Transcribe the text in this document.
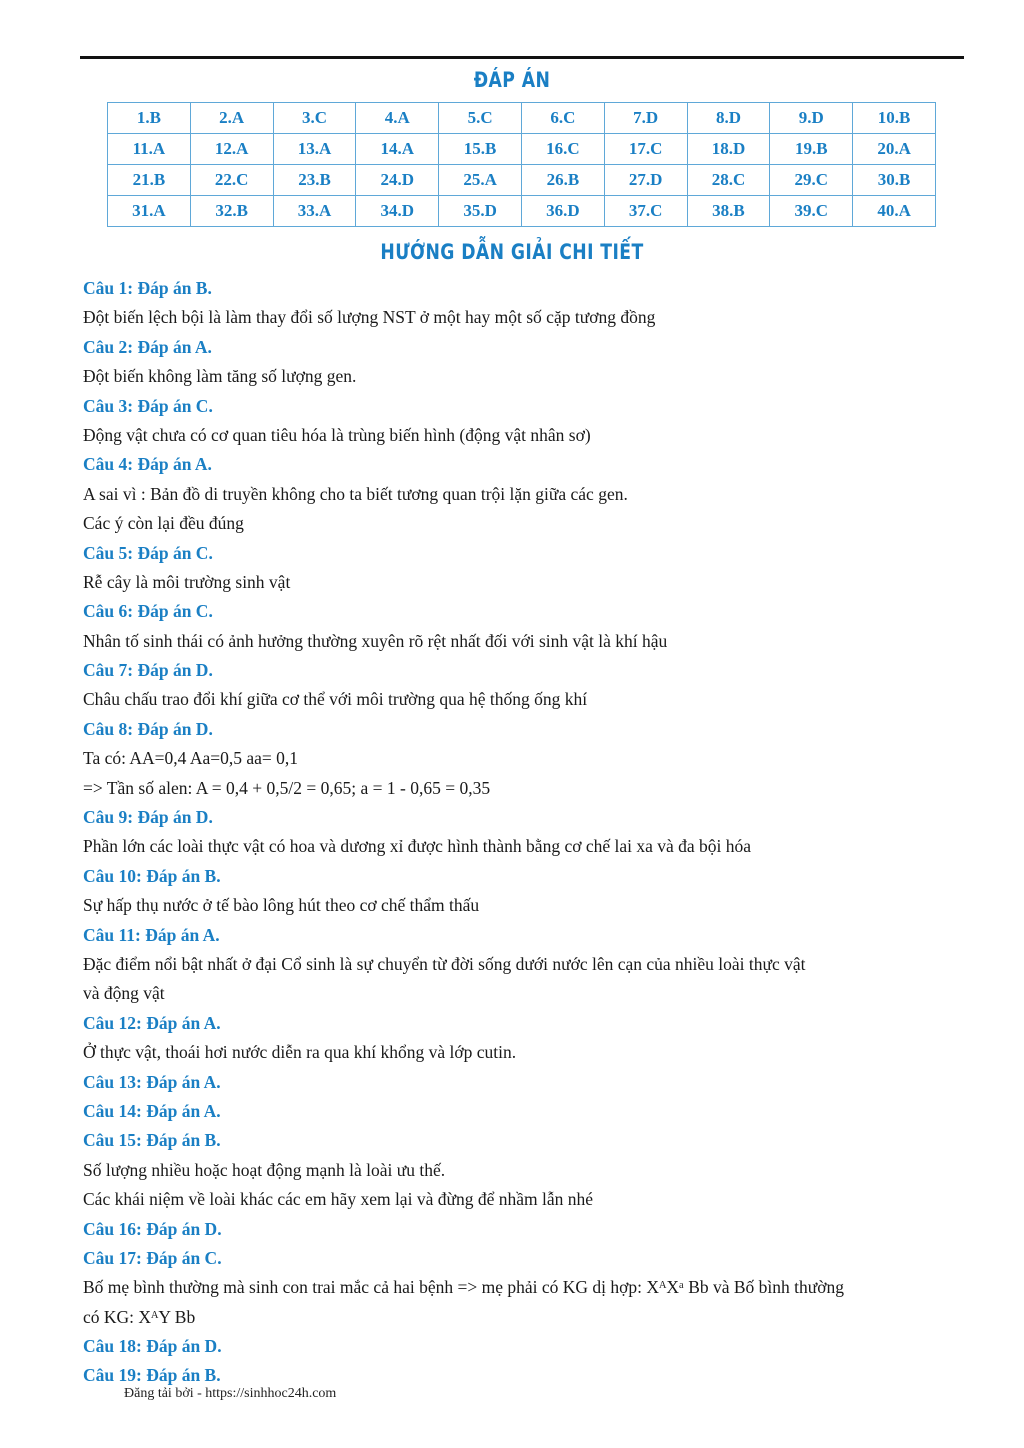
ĐÁP ÁN
1.B	2.A	3.C	4.A	5.C	6.C	7.D	8.D	9.D	10.B
11.A	12.A	13.A	14.A	15.B	16.C	17.C	18.D	19.B	20.A
21.B	22.C	23.B	24.D	25.A	26.B	27.D	28.C	29.C	30.B
31.A	32.B	33.A	34.D	35.D	36.D	37.C	38.B	39.C	40.A
HƯỚNG DẪN GIẢI CHI TIẾT
Câu 1: Đáp án B.
Đột biến lệch bội là làm thay đổi số lượng NST ở một hay một số cặp tương đồng
Câu 2: Đáp án A.
Đột biến không làm tăng số lượng gen.
Câu 3: Đáp án C.
Động vật chưa có cơ quan tiêu hóa là trùng biến hình (động vật nhân sơ)
Câu 4: Đáp án A.
A sai vì : Bản đồ di truyền không cho ta biết tương quan trội lặn giữa các gen.
Các ý còn lại đều đúng
Câu 5: Đáp án C.
Rễ cây là môi trường sinh vật
Câu 6: Đáp án C.
Nhân tố sinh thái có ảnh hưởng thường xuyên rõ rệt nhất đối với sinh vật là khí hậu
Câu 7: Đáp án D.
Châu chấu trao đổi khí giữa cơ thể với môi trường qua hệ thống ống khí
Câu 8: Đáp án D.
Ta có: AA=0,4 Aa=0,5 aa= 0,1
=> Tần số alen: A = 0,4 + 0,5/2 = 0,65; a = 1 - 0,65 = 0,35
Câu 9: Đáp án D.
Phần lớn các loài thực vật có hoa và dương xỉ được hình thành bằng cơ chế lai xa và đa bội hóa
Câu 10: Đáp án B.
Sự hấp thụ nước ở tế bào lông hút theo cơ chế thẩm thấu
Câu 11: Đáp án A.
Đặc điểm nổi bật nhất ở đại Cổ sinh là sự chuyển từ đời sống dưới nước lên cạn của nhiều loài thực vật
và động vật
Câu 12: Đáp án A.
Ở thực vật, thoái hơi nước diễn ra qua khí khổng và lớp cutin.
Câu 13: Đáp án A.
Câu 14: Đáp án A.
Câu 15: Đáp án B.
Số lượng nhiều hoặc hoạt động mạnh là loài ưu thế.
Các khái niệm về loài khác các em hãy xem lại và đừng để nhầm lẫn nhé
Câu 16: Đáp án D.
Câu 17: Đáp án C.
Bố mẹ bình thường mà sinh con trai mắc cả hai bệnh => mẹ phải có KG dị hợp: XᴬXᵃ Bb và Bố bình thường
có KG: XᴬY Bb
Câu 18: Đáp án D.
Câu 19: Đáp án B.
Đăng tải bởi - https://sinhhoc24h.com
